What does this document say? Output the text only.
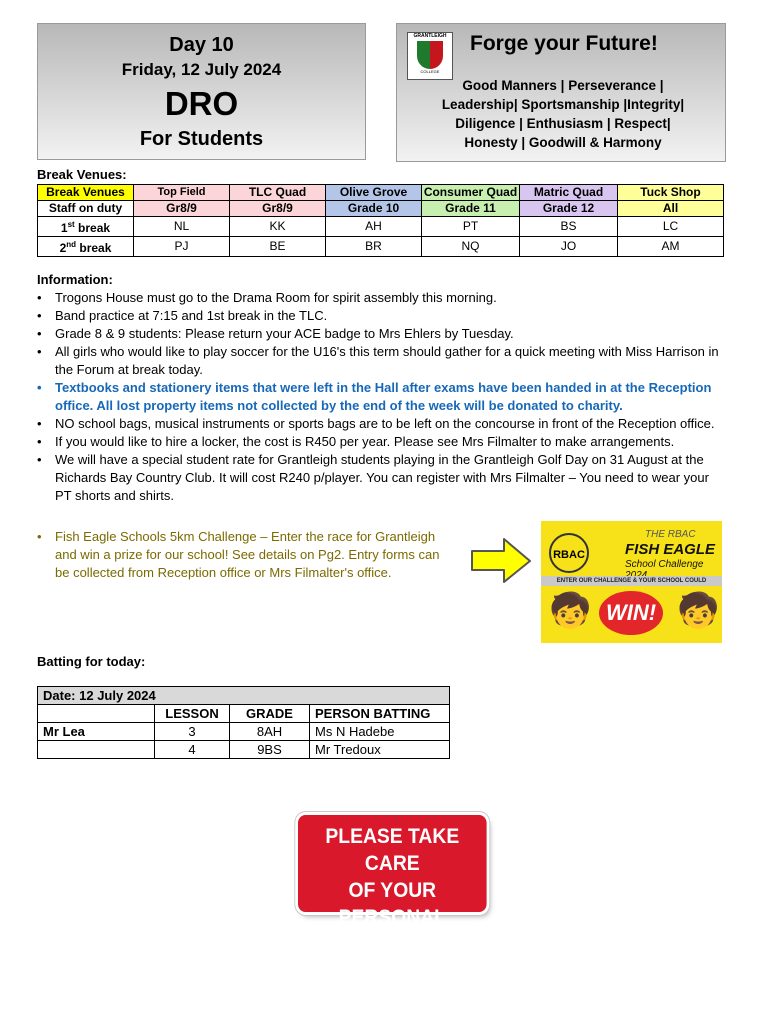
Day 10
Friday, 12 July 2024
DRO
For Students
GRANTLEIGH
COLLEGE
Forge your Future!
Good Manners | Perseverance |
Leadership| Sportsmanship |Integrity|
Diligence | Enthusiasm | Respect|
Honesty | Goodwill & Harmony
Break Venues:
Break Venues	Top Field	TLC Quad	Olive Grove	Consumer Quad	Matric Quad	Tuck Shop
Staff on duty	Gr8/9	Gr8/9	Grade 10	Grade 11	Grade 12	All
1st break	NL	KK	AH	PT	BS	LC
2nd break	PJ	BE	BR	NQ	JO	AM
Information:
• Trogons House must go to the Drama Room for spirit assembly this morning.
• Band practice at 7:15 and 1st break in the TLC.
• Grade 8 & 9 students: Please return your ACE badge to Mrs Ehlers by Tuesday.
• All girls who would like to play soccer for the U16's this term should gather for a quick meeting with Miss Harrison in the Forum at break today.
• Textbooks and stationery items that were left in the Hall after exams have been handed in at the Reception office. All lost property items not collected by the end of the week will be donated to charity.
• NO school bags, musical instruments or sports bags are to be left on the concourse in front of the Reception office.
• If you would like to hire a locker, the cost is R450 per year. Please see Mrs Filmalter to make arrangements.
• We will have a special student rate for Grantleigh students playing in the Grantleigh Golf Day on 31 August at the Richards Bay Country Club. It will cost R240 p/player. You can register with Mrs Filmalter – You need to wear your PT shorts and shirts.
• Fish Eagle Schools 5km Challenge – Enter the race for Grantleigh and win a prize for our school! See details on Pg2. Entry forms can be collected from Reception office or Mrs Filmalter's office.
RBAC
THE RBAC
FISH EAGLE
School Challenge
ENTER OUR CHALLENGE & YOUR SCHOOL COULD
🧒 WIN! 🧒
Batting for today:
Date: 12 July 2024			
	LESSON	GRADE	PERSON BATTING
Mr Lea	3	8AH	Ms N Hadebe
	4	9BS	Mr Tredoux
PLEASE TAKE CARE
OF YOUR PERSONAL
BELONGINGS
